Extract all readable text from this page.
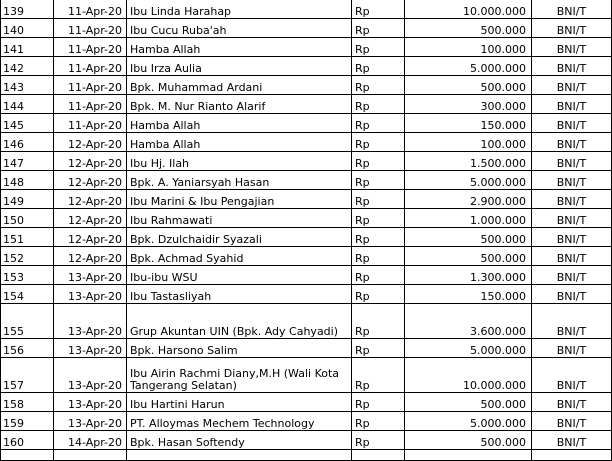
139	11-Apr-20	Ibu Linda Harahap	Rp	10.000.000	BNI/T
140	11-Apr-20	Ibu Cucu Ruba'ah	Rp	500.000	BNI/T
141	11-Apr-20	Hamba Allah	Rp	100.000	BNI/T
142	11-Apr-20	Ibu Irza Aulia	Rp	5.000.000	BNI/T
143	11-Apr-20	Bpk. Muhammad Ardani	Rp	500.000	BNI/T
144	11-Apr-20	Bpk. M. Nur Rianto Alarif	Rp	300.000	BNI/T
145	11-Apr-20	Hamba Allah	Rp	150.000	BNI/T
146	12-Apr-20	Hamba Allah	Rp	100.000	BNI/T
147	12-Apr-20	Ibu Hj. Ilah	Rp	1.500.000	BNI/T
148	12-Apr-20	Bpk. A. Yaniarsyah Hasan	Rp	5.000.000	BNI/T
149	12-Apr-20	Ibu Marini & Ibu Pengajian	Rp	2.900.000	BNI/T
150	12-Apr-20	Ibu Rahmawati	Rp	1.000.000	BNI/T
151	12-Apr-20	Bpk. Dzulchaidir Syazali	Rp	500.000	BNI/T
152	12-Apr-20	Bpk. Achmad Syahid	Rp	500.000	BNI/T
153	13-Apr-20	Ibu-ibu WSU	Rp	1.300.000	BNI/T
154	13-Apr-20	Ibu Tastasliyah	Rp	150.000	BNI/T
155	13-Apr-20	Grup Akuntan UIN (Bpk. Ady Cahyadi)	Rp	3.600.000	BNI/T
156	13-Apr-20	Bpk. Harsono Salim	Rp	5.000.000	BNI/T
157	13-Apr-20	Ibu Airin Rachmi Diany,M.H (Wali Kota Tangerang Selatan)	Rp	10.000.000	BNI/T
158	13-Apr-20	Ibu Hartini Harun	Rp	500.000	BNI/T
159	13-Apr-20	PT. Alloymas Mechem Technology	Rp	5.000.000	BNI/T
160	14-Apr-20	Bpk. Hasan Softendy	Rp	500.000	BNI/T
